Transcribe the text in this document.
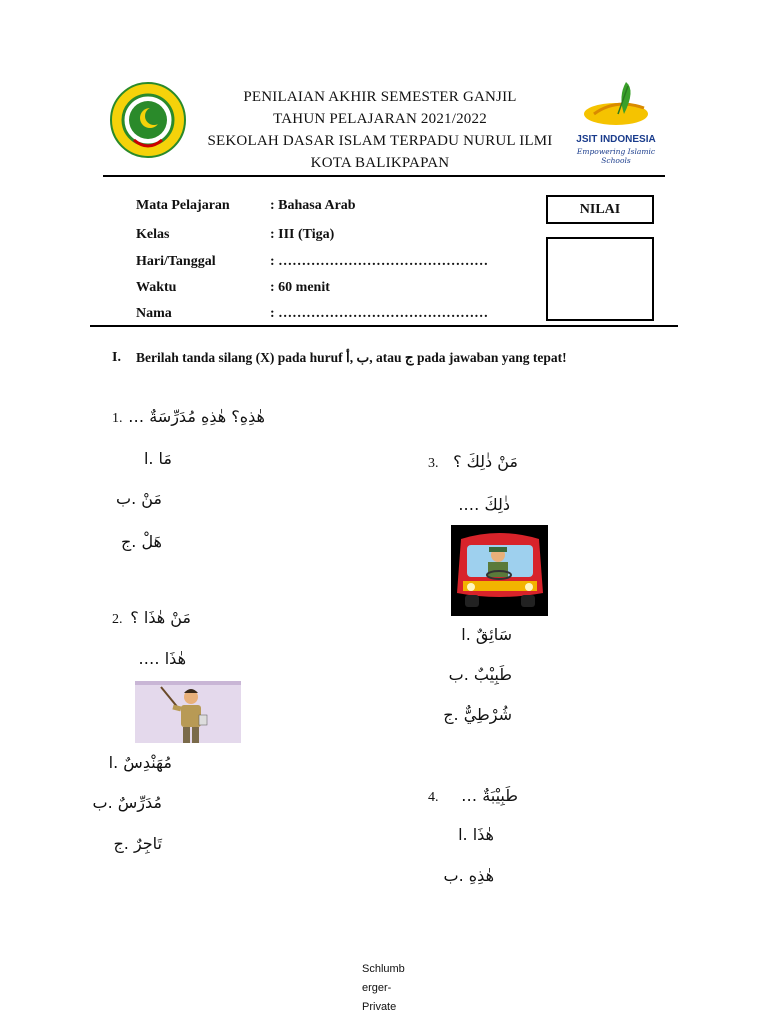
PENILAIAN AKHIR SEMESTER GANJIL
TAHUN PELAJARAN 2021/2022
SEKOLAH DASAR ISLAM TERPADU NURUL ILMI
KOTA BALIKPAPAN
JSIT INDONESIA
Empowering Islamic Schools
Mata Pelajaran	: Bahasa Arab
Kelas	: III (Tiga)
Hari/Tanggal	: ………………………………………
Waktu	: 60 menit
Nama	: ………………………………………
NILAI
I. Berilah tanda silang (X) pada huruf ب ,أ, atau ج pada jawaban yang tepat!
1. هٰذِهِ؟ هٰذِهِ مُدَرِّسَةٌ …
مَا .ا
مَنْ .ب
هَلْ .ج
2. مَنْ هٰذَا ؟
هٰذَا ….
مُهَنْدِسٌ .ا
مُدَرِّسٌ .ب
تَاجِرٌ .ج
3. مَنْ ذٰلِكَ ؟
ذٰلِكَ ….
سَائِقٌ .ا
طَبِيْبٌ .ب
شُرْطِيٌّ .ج
4. طَبِيْبَةٌ …
هٰذَا .ا
هٰذِهِ .ب
Schlumb
erger-
Private
